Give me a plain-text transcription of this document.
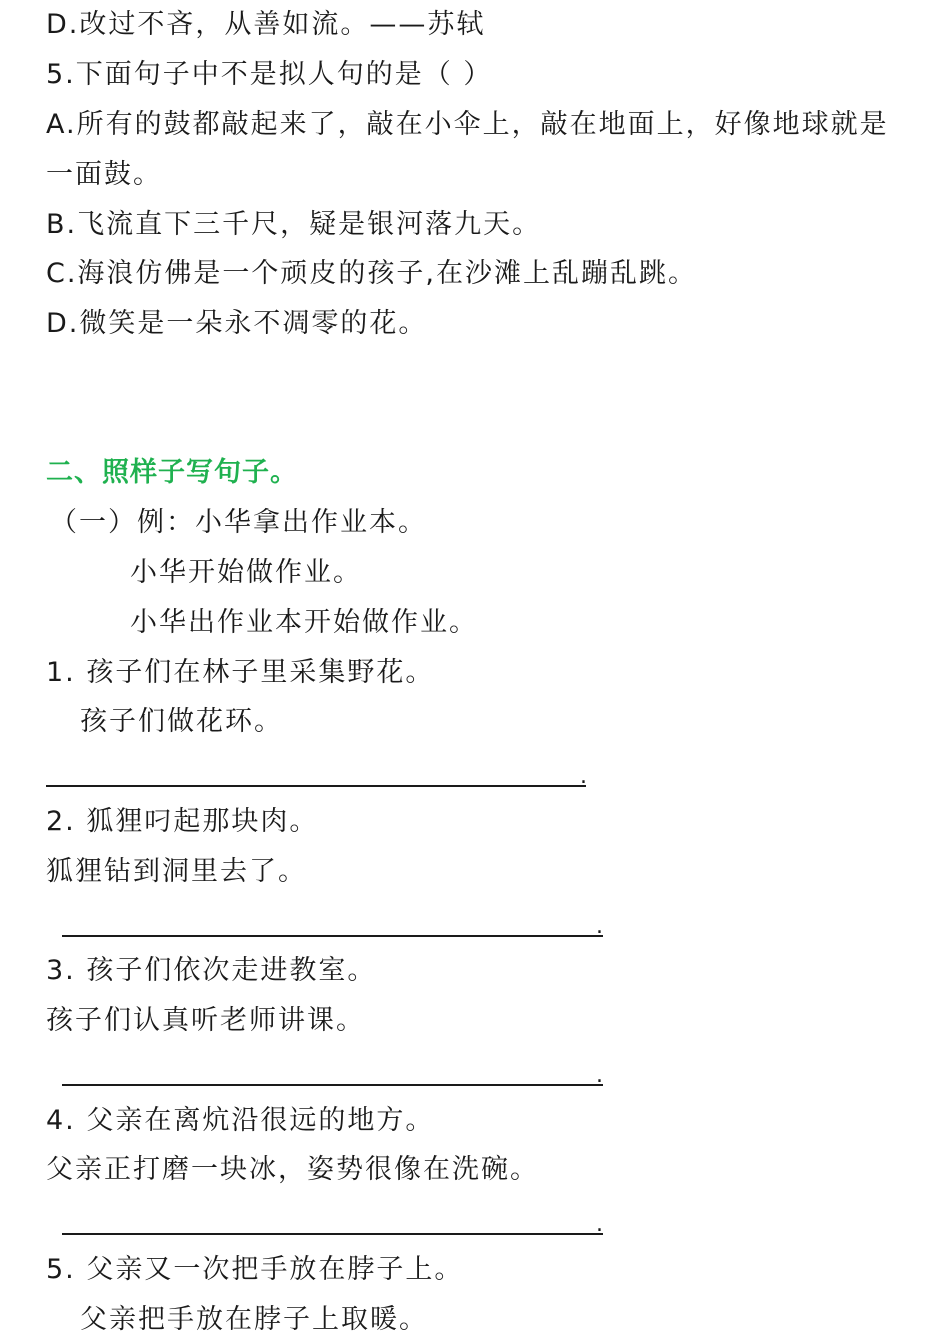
D.改过不吝，从善如流。——苏轼
5.下面句子中不是拟人句的是（ ）
A.所有的鼓都敲起来了，敲在小伞上，敲在地面上，好像地球就是
一面鼓。
B.飞流直下三千尺，疑是银河落九天。
C.海浪仿佛是一个顽皮的孩子,在沙滩上乱蹦乱跳。
D.微笑是一朵永不凋零的花。
二、照样子写句子。
（一）例：小华拿出作业本。
小华开始做作业。
小华出作业本开始做作业。
1. 孩子们在林子里采集野花。
孩子们做花环。
.
2. 狐狸叼起那块肉。
狐狸钻到洞里去了。
.
3. 孩子们依次走进教室。
孩子们认真听老师讲课。
.
4. 父亲在离炕沿很远的地方。
父亲正打磨一块冰，姿势很像在洗碗。
.
5. 父亲又一次把手放在脖子上。
父亲把手放在脖子上取暖。
